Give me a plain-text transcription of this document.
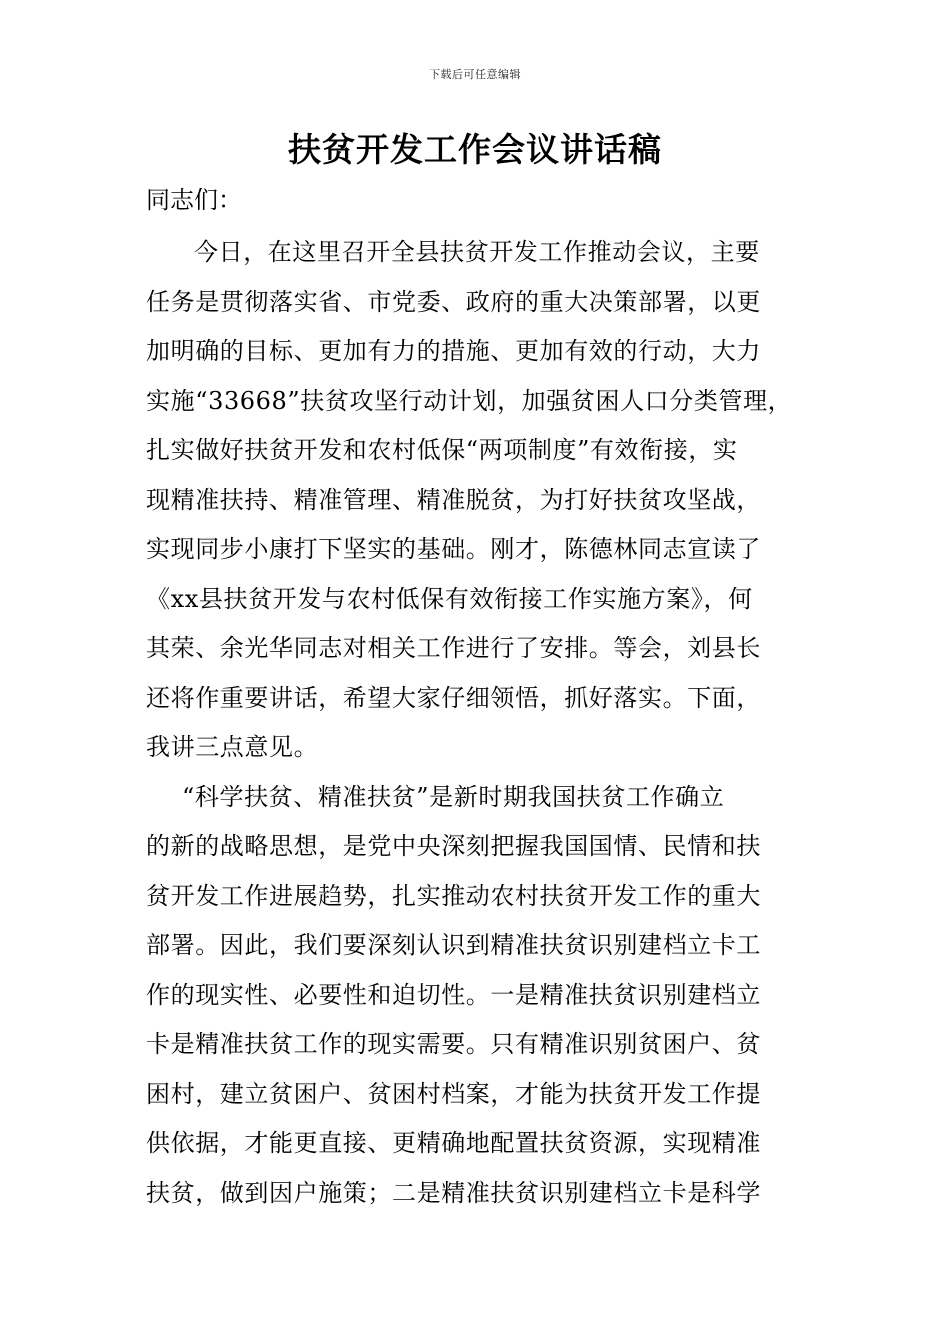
下载后可任意编辑
扶贫开发工作会议讲话稿
同志们：
今日，在这里召开全县扶贫开发工作推动会议，主要
任务是贯彻落实省、市党委、政府的重大决策部署，以更
加明确的目标、更加有力的措施、更加有效的行动，大力
实施“33668”扶贫攻坚行动计划，加强贫困人口分类管理，
扎实做好扶贫开发和农村低保“两项制度”有效衔接，实
现精准扶持、精准管理、精准脱贫，为打好扶贫攻坚战，
实现同步小康打下坚实的基础。刚才，陈德林同志宣读了
《xx县扶贫开发与农村低保有效衔接工作实施方案》，何
其荣、余光华同志对相关工作进行了安排。等会，刘县长
还将作重要讲话，希望大家仔细领悟，抓好落实。下面，
我讲三点意见。
“科学扶贫、精准扶贫”是新时期我国扶贫工作确立
的新的战略思想，是党中央深刻把握我国国情、民情和扶
贫开发工作进展趋势，扎实推动农村扶贫开发工作的重大
部署。因此，我们要深刻认识到精准扶贫识别建档立卡工
作的现实性、必要性和迫切性。一是精准扶贫识别建档立
卡是精准扶贫工作的现实需要。只有精准识别贫困户、贫
困村，建立贫困户、贫困村档案，才能为扶贫开发工作提
供依据，才能更直接、更精确地配置扶贫资源，实现精准
扶贫，做到因户施策；二是精准扶贫识别建档立卡是科学
